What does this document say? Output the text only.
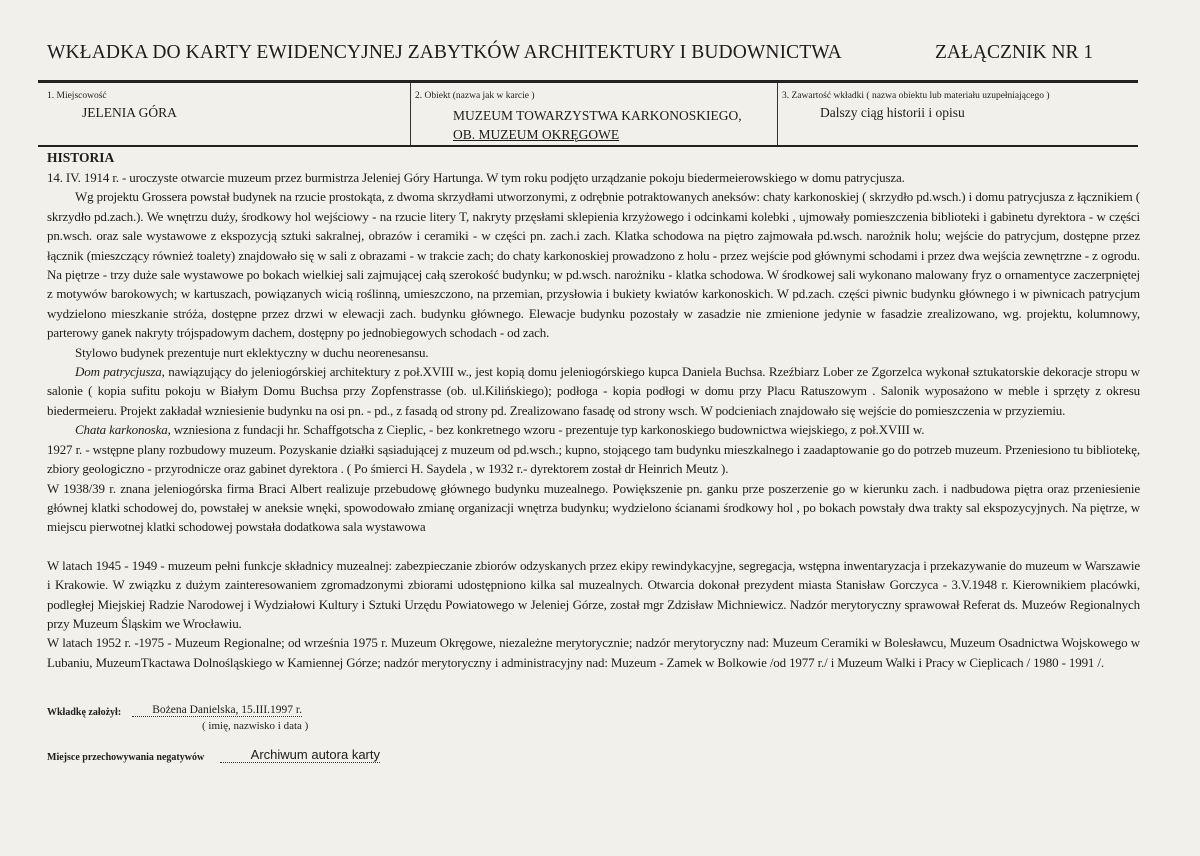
WKŁADKA DO KARTY EWIDENCYJNEJ ZABYTKÓW ARCHITEKTURY I BUDOWNICTWA	ZAŁĄCZNIK NR 1
1. Miejscowość
JELENIA GÓRA
2. Obiekt (nazwa jak w karcie )
MUZEUM TOWARZYSTWA KARKONOSKIEGO,
OB. MUZEUM OKRĘGOWE
3. Zawartość wkładki ( nazwa obiektu lub materiału uzupełniającego )
Dalszy ciąg historii i opisu
HISTORIA

14. IV. 1914 r. - uroczyste otwarcie muzeum przez burmistrza Jeleniej Góry Hartunga. W tym roku podjęto urządzanie pokoju biedermeierowskiego w domu patrycjusza.

Wg projektu Grossera powstał budynek na rzucie prostokąta, z dwoma skrzydłami utworzonymi, z odrębnie potraktowanych aneksów: chaty karkonoskiej ( skrzydło pd.wsch.) i domu patrycjusza z łącznikiem ( skrzydło pd.zach.). We wnętrzu duży, środkowy hol wejściowy - na rzucie litery T, nakryty przęsłami sklepienia krzyżowego i odcinkami kolebki , ujmowały pomieszczenia biblioteki i gabinetu dyrektora - w części pn.wsch. oraz sale wystawowe z ekspozycją sztuki sakralnej, obrazów i ceramiki - w części pn. zach.i zach. Klatka schodowa na piętro zajmowała pd.wsch. narożnik holu; wejście do patrycjum, dostępne przez łącznik (mieszczący również toalety) znajdowało się w sali z obrazami - w trakcie zach; do chaty karkonoskiej prowadzono z holu - przez wejście pod głównymi schodami i przez dwa wejścia zewnętrzne - z ogrodu. Na piętrze - trzy duże sale wystawowe po bokach wielkiej sali zajmującej całą szerokość budynku; w pd.wsch. narożniku - klatka schodowa. W środkowej sali wykonano malowany fryz o ornamentyce zaczerpniętej z motywów barokowych; w kartuszach, powiązanych wicią roślinną, umieszczono, na przemian, przysłowia i bukiety kwiatów karkonoskich. W pd.zach. części piwnic budynku głównego i w piwnicach patrycjum wydzielono mieszkanie stróża, dostępne przez drzwi w elewacji zach. budynku głównego. Elewacje budynku pozostały w zasadzie nie zmienione jedynie w fasadzie zrealizowano, wg. projektu, kolumnowy, parterowy ganek nakryty trójspadowym dachem, dostępny po jednobiegowych schodach - od zach.

Stylowo budynek prezentuje nurt eklektyczny w duchu neorenesansu.

Dom patrycjusza, nawiązujący do jeleniogórskiej architektury z poł.XVIII w., jest kopią domu jeleniogórskiego kupca Daniela Buchsa. Rzeźbiarz Lober ze Zgorzelca wykonał sztukatorskie dekoracje stropu w salonie ( kopia sufitu pokoju w Białym Domu Buchsa przy Zopfenstrasse (ob. ul.Kilińskiego); podłoga - kopia podłogi w domu przy Placu Ratuszowym . Salonik wyposażono w meble i sprzęty z okresu biedermeieru. Projekt zakładał wzniesienie budynku na osi pn. - pd., z fasadą od strony pd. Zrealizowano fasadę od strony wsch. W podcieniach znajdowało się wejście do pomieszczenia w przyziemiu.

Chata karkonoska, wzniesiona z fundacji hr. Schaffgotscha z Cieplic, - bez konkretnego wzoru - prezentuje typ karkonoskiego budownictwa wiejskiego, z poł.XVIII w.

1927 r. - wstępne plany rozbudowy muzeum. Pozyskanie działki sąsiadującej z muzeum od pd.wsch.; kupno, stojącego tam budynku mieszkalnego i zaadaptowanie go do potrzeb muzeum. Przeniesiono tu bibliotekę, zbiory geologiczno - przyrodnicze oraz gabinet dyrektora . ( Po śmierci H. Saydela , w 1932 r.- dyrektorem został dr Heinrich Meutz ).

W 1938/39 r. znana jeleniogórska firma Braci Albert realizuje przebudowę głównego budynku muzealnego. Powiększenie pn. ganku prze poszerzenie go w kierunku zach. i nadbudowa piętra oraz przeniesienie głównej klatki schodowej do, powstałej w aneksie wnęki, spowodowało zmianę organizacji wnętrza budynku; wydzielono ścianami środkowy hol , po bokach powstały dwa trakty sal ekspozycyjnych. Na piętrze, w miejscu pierwotnej klatki schodowej powstała dodatkowa sala wystawowa

W latach 1945 - 1949 - muzeum pełni funkcje składnicy muzealnej: zabezpieczanie zbiorów odzyskanych przez ekipy rewindykacyjne, segregacja, wstępna inwentaryzacja i przekazywanie do muzeum w Warszawie i Krakowie. W związku z dużym zainteresowaniem zgromadzonymi zbiorami udostępniono kilka sal muzealnych. Otwarcia dokonał prezydent miasta Stanisław Gorczyca - 3.V.1948 r. Kierownikiem placówki, podległej Miejskiej Radzie Narodowej i Wydziałowi Kultury i Sztuki Urzędu Powiatowego w Jeleniej Górze, został mgr Zdzisław Michniewicz. Nadzór merytoryczny sprawował Referat ds. Muzeów Regionalnych przy Muzeum Śląskim we Wrocławiu.

W latach 1952 r. -1975 - Muzeum Regionalne; od września 1975 r. Muzeum Okręgowe, niezależne merytorycznie; nadzór merytoryczny nad: Muzeum Ceramiki w Bolesławcu, Muzeum Osadnictwa Wojskowego w Lubaniu, MuzeumTkactawa Dolnośląskiego w Kamiennej Górze; nadzór merytoryczny i administracyjny nad: Muzeum - Zamek w Bolkowie /od 1977 r./ i Muzeum Walki i Pracy w Cieplicach / 1980 - 1991 /.

Wkładkę założył:	Bożena Danielska, 15.III.1997 r.
( imię, nazwisko i data )
Miejsce przechowywania negatywów	Archiwum autora karty
